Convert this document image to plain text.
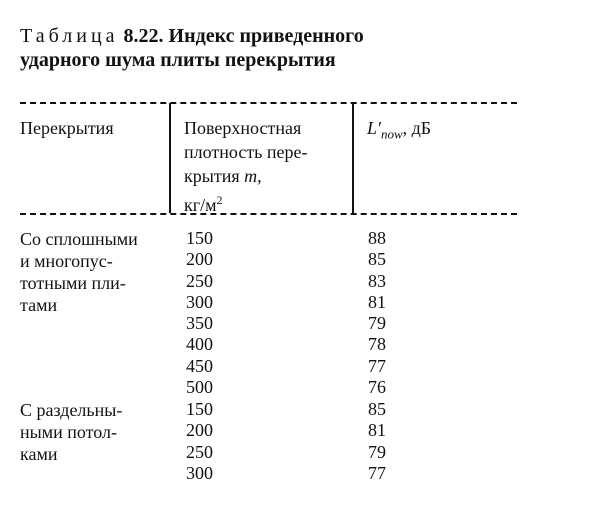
Таблица 8.22. Индекс приведенного
ударного шума плиты перекрытия
Перекрытия	Поверхностная
плотность пере-
крытия m,
$кг/м^2$
$L'_{nоw}$, дБ
Со сплошными
и многопус-
тотными пли-
тами
150
200
250
300
350
400
450
500
88
85
83
81
79
78
77
76
С раздельны-
ными потол-
ками
150
200
250
300
85
81
79
77
